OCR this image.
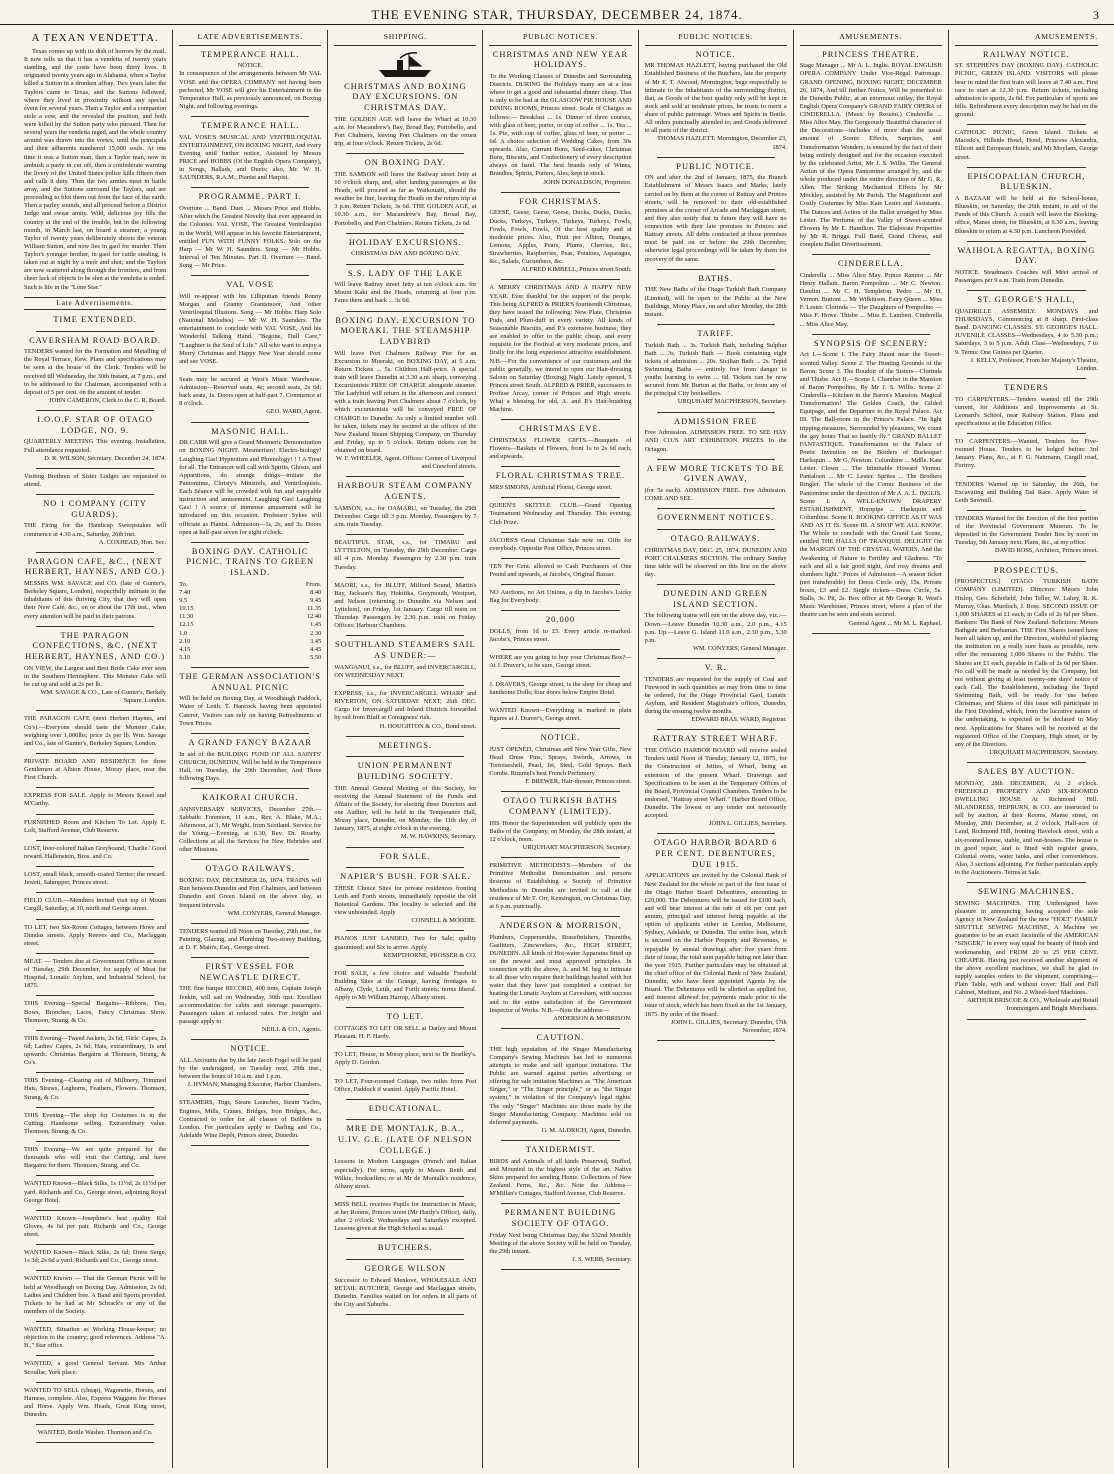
THE EVENING STAR, THURSDAY, DECEMBER 24, 1874.	3
A TEXAN VENDETTA.

Texas comes up with its dish of horrors by the mail. It now tells us that it has a vendetta of twenty years standing, and the costs have been thirty lives. It originated twenty years ago in Alabama, when a Taylor killed a Sutton in a drunken affray. Two years later the Taylors came to Texas, and the Suttons followed, where they lived in proximity without any special event for several years. Then a Taylor and a companion stole a cow, and the revealed the position, and both were killed by the Sutton party who pursued. Then for several years the vendetta raged, and the whole country around was drawn into the vortex, until the principals and their adherents numbered 15,000 souls. At one time it was a Sutton man, then a Taylor man, now in ambush a party in cut off, then a confederate warning the livery of the United States police kills fifteen men and calls it duty. Then the two armies meet in battle array, and the Suttons surround the Taylors, and are proceeding to blot them out from the face of the earth. Then a parley sounds, and all proceed before a District Judge and swear amity. Wild, delicious joy fills the country at the end of the trouble, but in the following month, in March last, on board a steamer, a young Taylor of twenty years deliberately shoots the veteran William Sutton, and now lies in gaol for murder. Then Taylor's younger brother, in gaol for cattle stealing, is taken out at night by a mob and shot; and the Taylors are now scattered along through the frontiers, and from sheer lack of objects to be shot at the vendetta is ended. Such is life in the "Lone Star."

Late Advertisements.
TIME EXTENDED.
CAVERSHAM ROAD BOARD.
TENDERS wanted for the Formation and Metalling of the Royal Terrace, Kew. Plans and specifications may be seen at the house of the Clerk. Tenders will be received till Wednesday, the 30th instant, at 7 p.m., and to be addressed to the Chairman, accompanied with a deposit of 5 per cent. on the amount of tender.
JOHN CAMERON, Clerk to the C. R. Board.
I.O.O.F. STAR OF OTAGO LODGE, NO. 9.
QUARTERLY MEETING This evening. Installation. Full attendance requested.
D. R. WILSON, Secretary. December 24, 1874.
Visiting Brethren of Sister Lodges are requested to attend.
NO 1 COMPANY (CITY GUARDS).
THE Firing for the Handicap Sweepstakes will commence at 4.30 a.m., Saturday, 26th inst.
A. COXHEAD, Hon. Sec.
PARAGON CAFE, &C., (NEXT HERBERT, HAYNES, AND CO.)
MESSRS WM. SAVAGE and CO. (late of Gunter's, Berkeley Square, London), respectfully intimate to the inhabitants of this thriving City, that they will open their New Café, &c., on or about the 17th inst., when every attention will be paid to their patrons.
THE PARAGON CONFECTIONS, &C. (NEXT HERBERT, HAYNES, AND CO.)
ON VIEW, the Largest and Best Bride Cake ever seen in the Southern Hemisphere. This Monster Cake will be cut up and sold at 2s per lb.
WM. SAVAGE & CO., Late of Gunter's, Berkely Square, London.
THE PARAGON CAFE (next Herbert Haynes, and Co's).—Everyone should taste the Monster Cake, weighing over 1,000lbs; price 2s per lb. Wm. Savage and Co., late of Gunter's, Berkeley Square, London.
PRIVATE BOARD AND RESIDENCE for three Gentlemen at Albion House, Moray place, near the First Church.
EXPRESS FOR SALE. Apply to Messrs Kessel and M'Carthy.
FURNISHED Room and Kitchen To Let. Apply E. Loft, Stafford Avenue, Club Reserve.
LOST, liver-colored Italian Greyhound, 'Charlie.' Good reward. Hallenstein, Bros. and Co.
LOST, small black, smooth-coated Terrier; the reward. Jewett, Sahmpper, Princes street.
FIELD CLUB.—Members invited visit top of Mount Cargill, Saturday, at 10, north end George street.
TO LET, two Six-Room Cottages, between Howe and Dundas streets. Apply Reeves and Co., Maclaggan street.
MEAT. — Tenders due at Government Offices at noon of Tuesday, 29th December, for supply of Meat for Hospital, Lunatic Asylum, and Industrial School, for 1875.
THIS Evening—Special Bargains—Ribbons, Ties, Bows, Brooches, Laces, Fancy Christmas Show. Thomson, Strang, & Co.
THIS Evening—Tweed Jackets, 2s 6d; Girls' Capes, 2s 6d; Ladies' Capes, 2s 6d; Hats, extraordinary, 1s and upwards. Christmas Bargains at Thomson, Strang, & Co's.
THIS Evening—Clearing out of Millinery, Trimmed Hats, Straws, Leghorns, Feathers, Flowers. Thomson, Strang, & Co.
THIS Evening—The shop for Costumes is in the Cutting. Handsome selling. Extraordinary value. Thomson, Strang, & Co.
THIS Evening—We are quite prepared for the thousands who will visit the Cutting, and have Bargains for them. Thomson, Strang, and Co.
WANTED Known—Black Silks, 1s 11½d, 2s 11½d per yard. Richards and Co., George street, adjoining Royal George Hotel.
WANTED Known—Josephine's best quality Kid Gloves, 4s 6d per pair. Richards and Co., George street.
WANTED Known—Black Silks, 2s 6d; Dress Serge, 1s 3d; 2s 6d a yard. Richards and Co., George street.
WANTED Known — That the German Picnic will be held at Woodhaugh on Boxing Day. Admission, 2s 6d; Ladies and Children free. A Band and Sports provided. Tickets to be had at Mr Schrack's or any of the members of the Society.
WANTED, Situation as Working House-keeper; no objection to the country; good references. Address "A. B.," Star office.
WANTED, a good General Servant. Mrs Arthur Scoullar, York place.
WANTED TO SELL (cheap), Wagonette, Horses, and Harness, complete. Also, Express Waggons for Horses and Horse. Apply Wm. Heads, Great King street, Dunedin.
WANTED, Bottle Washer. Thomson and Co.
LATE ADVERTISEMENTS.
TEMPERANCE HALL.
NOTICE.
In consequence of the arrangements between Mr VAL VOSE and the OPERA COMPANY not having been perfected, Mr VOSE will give his Entertainment in the Temperance Hall, as previously announced, on Boxing Night, and following evenings.
TEMPERANCE HALL.
VAL VOSE'S MUSICAL AND VENTRILOQUIAL ENTERTAINMENT, ON BOXING NIGHT, And every Evening until further notice, Assisted by Messrs PRICE and HOBBS (Of the English Opera Company), in Songs, Ballads, and Duets; also, Mr. W. H. SAUNDERS, R.A.M., Pianist and Harpist.
PROGRAMME. PART I.
Overture ... Band. Duet ... Messrs Price and Hobbs. After which the Greatest Novelty that ever appeared in the Colonies. VAL VOSE, The Greatest Ventriloquist in the World, Will appear in his favorite Entertainment, entitled FUN WITH FUNNY FOLKS. Solo on the Harp — Mr W. H. Saunders. Song — Mr Hobbs. Interval of Ten Minutes. Part II. Overture — Band. Song — Mr Price.
VAL VOSE
Will re-appear with his Lilliputian friends Ronny Morgan and Granny Grantsmoor, And other Ventriloquial Illusions. Song — Mr Hobbs. Harp Solo (National Melodies) — Mr W. H. Saunders. The entertainment to conclude with VAL VOSE, And his Wonderful Talking Hand. "Begone, Dull Care," "Laughter is the Soul of Life." All who want to enjoy a Merry Christmas and Happy New Year should come and see VOSE.
Seats may be secured at West's Music Warehouse. Admission—Reserved seats, 4s; second seats, 2s 6d; back seats, 1s. Doors open at half-past 7. Commence at 8 o'clock.
GEO. WARD, Agent.
MASONIC HALL.
DR CARR Will give a Grand Mesmeric Demonstration on BOXING NIGHT. Mesmerism! Electro-biology! Laughing Gas! Hypnotism and Phrenology! ! ! A Treat for all. The Entrancer will call with Spirits, Ghosts, and Apparitions, do strange things—imitate the Pantomime, Christy's Minstrels, and Ventriloquists. Each Séance will be crowded with fun and enjoyable instruction and amusement. Laughing Gas! Laughing Gas! ! A source of immense amusement will be introduced on this occasion. Professor Sykes will officiate as Pianist. Admission—1s, 2s, and 3s. Doors open at half-past seven for eight o'clock.
BOXING DAY. CATHOLIC PICNIC. TRAINS TO GREEN ISLAND.
To.	From.
7.40	8.40
9.5	9.45
10.15	11.35
11.30	12.40
12.15	1.45
1.0	2.30
2.10	3.45
4.15	4.45
5.10	5.50
THE GERMAN ASSOCIATION'S ANNUAL PICNIC
Will be held on Boxing Day, at Woodhaugh Paddock, Water of Leith. T. Hancock having been appointed Caterer, Visitors can rely on having Refreshments at Town Prices.
A GRAND FANCY BAZAAR
In aid of the BUILDING FUND OF ALL SAINTS' CHURCH, DUNEDIN, Will be held in the Temperance Hall, on Tuesday, the 29th December, And Three following Days.
KAIKORAI CHURCH.
ANNIVERSARY SERVICES, December 27th.—Sabbath: Forenoon, 11 a.m., Rev. A. Blake, M.A.; Afternoon, at 3, Mr Wright, from Scotland. Service for the Young.—Evening, at 6.30, Rev. Dr. Roseby. Collections at all the Services for New Hebrides and other Missions.
OTAGO RAILWAYS.
BOXING DAY, DECEMBER 26, 1874. TRAINS will Run between Dunedin and Port Chalmers, and between Dunedin and Green Island on the above day, at frequent intervals.
WM. CONYERS, General Manager.
TENDERS wanted till Noon on Tuesday, 29th inst., for Painting, Glazing, and Plumbing Two-storey Building, at D. F. Main's, Esq., George street.
FIRST VESSEL FOR NEWCASTLE DIRECT.
THE fine barque RECORD, 400 tons, Captain Joseph Jenkin, will sail on Wednesday, 30th inst. Excellent accommodation for cabin and steerage passengers. Passengers taken at reduced rates. For freight and passage apply to
NEILL & CO., Agents.
NOTICE.
ALL Accounts due by the late Jacob Fogel will be paid by the undersigned, on Tuesday next, 29th inst., between the hours of 10 a.m. and 1 p.m.
J. HYMAN, Managing Executor, Harbor Chambers.
STEAMERS, Tugs, Steam Launches, Steam Yachts, Engines, Mills, Cranes, Bridges, Iron Bridges, &c., Contracted to order for all classes of Builders in London. For particulars apply to Darling and Co., Adelaide Wine Depôt, Princes street, Dunedin.
SHIPPING.
CHRISTMAS AND BOXING DAY EXCURSIONS. ON CHRISTMAS DAY.
THE GOLDEN AGE will leave the Wharf at 10.30 a.m. for Macandrew's Bay, Broad Bay, Portobello, and Port Chalmers, leaving Port Chalmers on the return trip, at four o'clock. Return Tickets, 2s 6d.
ON BOXING DAY.
THE SAMSON will leave the Railway street Jetty at 10 o'clock sharp, and, after landing passengers at the Heads, will proceed as far as Waikouaiti, should the weather be fine, leaving the Heads on the return trip at 3 p.m. Return Tickets, 3s 6d. THE GOLDEN AGE, at 10.30 a.m., for Macandrew's Bay, Broad Bay, Portobello, and Port Chalmers. Return Tickets, 2s 6d.
HOLIDAY EXCURSIONS.
CHRISTMAS DAY AND BOXING DAY.
S.S. LADY OF THE LAKE
Will leave Rattray street Jetty at ten o'clock a.m. for Mount Kaki and the Heads, returning at four p.m. Fares there and back ... 3s 6d.
BOXING DAY. EXCURSION TO MOERAKI. THE STEAMSHIP LADYBIRD
Will leave Port Chalmers Railway Pier for an Excursion to Moeraki, on BOXING DAY, at 5 a.m. Return Tickets ... 5s. Children Half-price. A special train will leave Dunedin at 3.30 a.m. sharp, conveying Excursionists FREE OF CHARGE alongside steamer. The Ladybird will return in the afternoon and connect with a train leaving Port Chalmers about 7 o'clock, by which excursionists will be conveyed FREE OF CHARGE to Dunedin. As only a limited number will be taken, tickets may be secured at the offices of the New Zealand Steam Shipping Company, on Thursday and Friday, up to 5 o'clock. Return tickets can be obtained on board.
W. F. WHEELER, Agent. Offices: Corner of Liverpool and Crawford streets.
HARBOUR STEAM COMPANY AGENTS.
SAMSON, s.s., for OAMARU, on Tuesday, the 29th December. Cargo till 3 p.m. Monday. Passengers by 7 a.m. train Tuesday.
BEAUTIFUL STAR, s.s., for TIMARU and LYTTELTON, on Tuesday, the 29th December. Cargo till 4 p.m. Monday. Passengers by 2.30 p.m. train Tuesday.
MAORI, s.s., for BLUFF, Milford Sound, Martin's Bay, Jackson's Bay, Hokitika, Greymouth, Westport, and Nelson (returning to Dunedin via Nelson and Lyttelton), on Friday, 1st January. Cargo till noon on Thursday. Passengers by 2.30 p.m. train on Friday. Offices: Harbour Chambers.
SOUTHLAND STEAMERS SAIL AS UNDER:—
WANGANUI, s.s., for BLUFF, and INVERCARGILL, ON WEDNESDAY NEXT.
EXPRESS, s.s., for INVERCARGILL WHARF and RIVERTON, ON SATURDAY NEXT, 26th DEC. Cargo for Invercargill and Inland Districts forwarded by rail from Bluff at Consignees' risk.
H. HOUGHTON & CO., Bond street.
MEETINGS.
UNION PERMANENT BUILDING SOCIETY.
THE Annual General Meeting of this Society, for receiving the Annual Statement of the Funds and Affairs of the Society, for electing three Directors and one Auditor, will be held in the Temperance Hall, Moray place, Dunedin, on Monday, the 11th day of January, 1875, at eight o'clock in the evening.
M. W. HAWKINS, Secretary.
FOR SALE.
NAPIER'S BUSH. FOR SALE.
THESE Choice Sites for private residences fronting Leith and Forth streets, immediately opposite the old Botanical Gardens. The locality is selected and the view unbounded. Apply
CONNELL & MOODIE.
PIANOS JUST LANDED, Two for Sale; quality guaranteed; and Six to arrive. Apply
KEMPTHORNE, PROSSER & CO.
FOR SALE, a few choice and valuable Freehold Building Sites at the Grange, having frontages to Albany, Clyde, Leith, and Forth streets; terms liberal. Apply to Mr William Harrop, Albany street.
TO LET.
COTTAGES TO LET OR SELL at Darley and Mount Pleasant. H. F. Hardy.
TO LET, House, in Moray place, next to Dr Bradley's. Apply D. Gordon.
TO LET, Four-roomed Cottage, two miles from Post Office, Paddock if wanted. Apply Pacific Hotel.
EDUCATIONAL.
MRE DE MONTALK, B.A., U.IV. G.E. (LATE OF NELSON COLLEGE.)
Lessons in Modern Languages (French and Italian especially). For terms, apply to Messrs Reith and Wilkie, booksellers; or at Mr de Montalk's residence, Albany street.
MISS BELL receives Pupils for Instruction in Music, at her Rooms, Princes street (Mr Hardy's Office), daily, after 2 o'clock. Wednesdays and Saturdays excepted. Lessons given at the High School as usual.
BUTCHERS.
GEORGE WILSON
Successor to Edward Menlove, WHOLESALE AND RETAIL BUTCHER, George and Maclaggan streets, Dunedin. Families waited on for orders in all parts of the City and Suburbs.
PUBLIC NOTICES.
CHRISTMAS AND NEW YEAR HOLIDAYS.
To the Working Classes of Dunedin and Surrounding Districts. DURING the Holidays many are at a loss where to get a good and substantial dinner cheap. That is only to be had at the GLASGOW PIE HOUSE AND DINING ROOMS, Princes street. Scale of Charges as follows:— Breakfast ... 1s. Dinner of three courses, with glass of beer, porter, or cup of coffee ... 1s. Tea ... 1s. Pie, with cup of coffee, glass of beer, or porter ... 6d. A choice selection of Wedding Cakes, from 30s upwards. Also, Currant Buns, Seed-cakes, Christmas Buns, Biscuits, and Confectionery of every description always on hand. The best brands only of Wines, Brandies, Spirits, Porters, Ales, kept in stock.
JOHN DONALDSON, Proprietor.
FOR CHRISTMAS.
GEESE, Geese, Geese, Geese, Ducks, Ducks, Ducks, Ducks, Turkeys, Turkeys, Turkeys, Turkeys, Fowls, Fowls, Fowls, Fowls, Of the best quality and at moderate prices. Also, Fruit per Albion, Oranges, Lemons, Apples, Pears, Plums, Cherries, &c., Strawberries, Raspberries, Peas, Potatoes, Asparagus, &c., Salads, Cucumbers, &c.
ALFRED KIMBELL, Princes street South.
A MERRY CHRISTMAS AND A HAPPY NEW YEAR. Ever thankful for the support of the people. This being ALFRED & PRIER'S fourteenth Christmas, they have issued the following: New Plate, Christmas Puds, and Plum-duff in every variety. All kinds of Seasonable Biscuits, and P.'s extensive business, they are enabled to offer to the public cheap, and every requisite for the Festival at very moderate prices, and firstly for the long experience attractive establishment. N.B.—For the convenience of our customers and the public generally, we intend to open our Hair-dressing Saloon on Saturday (Boxing) Night. Lately opened, 5 Princes street South. ALFRED & PRIER, successors to Profuse Arcay, corner of Princes and High streets. What a blessing for old, A. and P.'s Hair-brushing Machine.
CHRISTMAS EVE.
CHRISTMAS FLOWER GIFTS.—Bouquets of Flowers—Baskets of Flowers, from 1s to 2s 6d each, and upwards.
FLORAL CHRISTMAS TREE.
MRS SIMONS, Artificial Florist, George street.
QUEEN'S SKITTLE CLUB.—Grand Opening Tournament Wednesday and Thursday. This evening, Club Prize.
JACOBS'S Great Christmas Sale now on. Gifts for everybody. Opposite Post Office, Princes street.
TEN Per Cent. allowed to Cash Purchasers of One Pound and upwards, at Jacobs's, Original Bazaar.
NO Auctions, no Art Unions, a dip in Jacobs's Lucky Bag for Everybody.
20,000
DOLLS, from 1d to £5. Every article re-marked. Jacobs's, Princes street.
WHERE are you going to buy your Christmas Box?—At J. Draver's, to be sure, George street.
J. DRAVER'S, George street, is the shop for cheap and handsome Dolls; four doors below Empire Hotel.
WANTED Known—Everything is marked in plain figures at J. Draver's, George street.
NOTICE.
JUST OPENED, Christmas and New Year Gifts, New Head Dress Pins, Sprays, Swords, Arrows, in Tortoiseshell, Pearl, Jet, Steel, Gold Sprays. Back Combs. Rimmel's best French Perfumery.
F. BREWER, Hair-dresser, Princes street.
OTAGO TURKISH BATHS COMPANY (LIMITED).
HIS Honor the Superintendent will publicly open the Baths of the Company, on Monday, the 28th instant, at 12 o'clock, noon.
URQUHART MACPHERSON, Secretary.
PRIMITIVE METHODISTS.—Members of the Primitive Methodist Denomination and persons desirous of Establishing a Society of Primitive Methodists in Dunedin are invited to call at the residence of Mr T. Orr, Kensington, on Christmas Day, at 6 p.m. punctually.
ANDERSON & MORRISON,
Plumbers, Coppersmiths, Brassfinishers, Tinsmiths, Gasfitters, Zincworkers, &c., HIGH STREET, DUNEDIN. All kinds of Hot-water Apparatus fitted up on the newest and most approved principles. In connection with the above, A. and M. beg to intimate to all those who require their buildings heated with hot water that they have just completed a contract for heating the Lunatic Asylum at Cavesham, with success and to the entire satisfaction of the Government Inspector of Works. N.B.—Note the address—
ANDERSON & MORRISON.
CAUTION.
THE high reputation of the Singer Manufacturing Company's Sewing Machines has led to numerous attempts to make and sell spurious imitations. The Public are warned against parties advertising or offering for sale imitation Machines as "The American Singer," or "The Singer principle," or as "the Singer system," in violation of the Company's legal rights. The only "Singer" Machines are those made by the Singer Manufacturing Company. Machines sold on deferred payments.
G. M. ALDRICH, Agent, Dunedin.
TAXIDERMIST.
BIRDS and Animals of all kinds Preserved, Stuffed, and Mounted in the highest style of the art. Native Skins prepared for sending Home. Collections of New Zealand Ferns, &c., &c. Note the Address— M'Millan's Cottages, Stafford Avenue, Club Reserve.
PERMANENT BUILDING SOCIETY OF OTAGO.
Friday Next being Christmas Day, the 532nd Monthly Meeting of the above Society will be held on Tuesday, the 29th instant.
J. S. WEBB, Secretary.
PUBLIC NOTICES.
NOTICE.
MR THOMAS HAZLETT, having purchased the Old Established Business of the Butchers, late the property of Mr E. T. Atwood, Mornington, begs respectfully to intimate to the inhabitants of the surrounding district, that, as Goods of the best quality only will be kept in stock and sold at moderate prices, he trusts to merit a share of public patronage. Wines and Spirits in Bottle. All orders punctually attended to; and Goods delivered to all parts of the district.
THOMAS HAZLETT. Mornington, December 23, 1874.
PUBLIC NOTICE.
ON and after the 2nd of January, 1875, the Branch Establishment of Messrs Isaacs and Marks, lately carried on by them at the corner of Rattray and Princes streets, will be removed to their old-established premises at the corner of Arcade and Maclaggan street; and they also notify that in future they will have no connection with their late premises in Princes and Rattray streets. All debts contracted at those premises must be paid on or before the 29th December, otherwise legal proceedings will be taken by them for recovery of the same.
BATHS.
THE New Baths of the Otago Turkish Bath Company (Limited), will be open to the Public at the New Buildings, Moray Place, on and after Monday, the 28th instant.
TARIFF.
Turkish Bath ... 3s. Turkish Bath, including Sulphur Bath ... 3s. Turkish Bath — Book containing eight tickets of admission ... 20s. Sicilian Bath ... 2s. Tepid Swimming Baths — entirely free from danger to youths learning to swim ... 6d. Tickets can be now secured from Mr Burton at the Baths, or from any of the principal City booksellers.
URQUHART MACPHERSON, Secretary.
ADMISSION FREE
Free Admission. ADMISSION FREE. TO SEE HAY AND CO.'S ART EXHIBITION PRIZES In the Octagon.
A FEW MORE TICKETS TO BE GIVEN AWAY,
(for 5s each). ADMISSION FREE. Free Admission. COME AND SEE.
GOVERNMENT NOTICES.
OTAGO RAILWAYS.
CHRISTMAS DAY, DEC. 25, 1874. DUNEDIN AND PORT CHALMERS SECTION. The ordinary Sunday time table will be observed on this line on the above day.
DUNEDIN AND GREEN ISLAND SECTION.
The following trains will run on the above day, viz.:— Down.—Leave Dunedin 10.30 a.m., 2.0 p.m., 4.15 p.m. Up.—Leave G. Island 11.0 a.m., 2.30 p.m., 5.30 p.m.
WM. CONYERS, General Manager.
V. R.
TENDERS are requested for the supply of Coal and Firewood in such quantities as may from time to time be ordered, for the Otago Provincial Gaol, Lunatic Asylum, and Resident Magistrate's offices, Dunedin, during the ensuing twelve months.
EDWARD BRAS. WARD, Registrar.
RATTRAY STREET WHARF.
THE OTAGO HARBOR BOARD will receive sealed Tenders until Noon of Tuesday, January 12, 1875, for the Construction of Jetties, of Wharf, being an extension of the present Wharf. Drawings and Specifications to be seen at the Temporary Offices of the Board, Provincial Council Chambers. Tenders to be endorsed, "Rattray street Wharf." Harbor Board Office, Dunedin. The lowest or any tender not necessarily accepted.
JOHN L. GILLIES, Secretary.
OTAGO HARBOR BOARD 6 PER CENT. DEBENTURES, DUE 1915.
APPLICATIONS are invited by the Colonial Bank of New Zealand for the whole or part of the first issue of the Otago Harbor Board Debentures, amounting to £20,000. The Debentures will be issued for £100 each, and will bear interest at the rate of six per cent per annum, principal and interest being payable at the option of applicants either in London, Melbourne, Sydney, Adelaide, or Dunedin. The entire loan, which is secured on the Harbor Property and Revenues, is repayable by annual drawings after five years from date of issue, the total sum payable being not later than the year 1915. Further particulars may be obtained at the chief office of the Colonial Bank of New Zealand, Dunedin, who have been appointed Agents by the Board. The Debentures will be allotted as applied for, and interest allowed for payments made prior to the issue of stock, which has been fixed as the 1st January, 1875. By order of the Board.
JOHN L. GILLIES, Secretary. Dunedin, 17th November, 1874.
AMUSEMENTS.
PRINCESS THEATRE.
Stage Manager ... Mr A. L. Inglis. ROYAL ENGLISH OPERA COMPANY Under Vice-Regal Patronage. GRAND OPENING, BOXING NIGHT, DECEMBER 26, 1874, And till further Notice, Will be presented to the Dunedin Public, at an enormous outlay, the Royal English Opera Company's GRAND FAIRY OPERA of CINDERELLA. (Music by Rossini.) Cinderella ... Miss Alice May. The Gorgeously Beautiful character of the Decorations—includes of more than the usual amount of Scenic Effects, Surprises, and Transformation Wonders, is ensured by the fact of their being entirely designed and for the occasion executed by the celebrated Artist, Mr J. S. Willis. The General Action of the Opera Pantomime arranged by, and the whole produced under the entire direction of Mr G. R. Allen. The Striking Mechanical Effects by Mr Mockley, assisted by Mr Parish. The Magnificent and Costly Costumes by Miss Kate Lester and Assistants. The Dances and Action of the Ballet arranged by Miss Lester. The Perfume of the Valley of Sweet-scented Flowers by Mr E. Hamilton. The Elaborate Properties by Mr R. Briggs. Full Band, Grand Chorus, and complete Ballet Divertissement.
CINDERELLA.
Cinderella ... Miss Alice May. Prince Ramiro ... Mr Henry Hallam. Baron Pompolino ... Mr C. Newton. Dandini ... Mr C. H. Templeton. Pedro ... Mr H. Vernon. Buttoni ... Mr Wilkinson. Fairy Queen ... Miss F. Lester. Clorinda — The Daughters of Pompolino — Miss F. Howe. Thisbe ... Miss E. Lambert. Cinderella ... Miss Alice May.
SYNOPSIS OF SCENERY:
Act I.—Scene I. The Fairy Haunt near the Sweet-scented Valley. Scene 2. The Hunting Grounds of the Baron. Scene 3. The Boudoir of the Sisters—Clorinda and Thisbe. Act II.—Scene I. Chamber in the Mansion of Baron Pompolino, By Mr J. S. Willis. Scene 2. Cinderella—Kitchen in the Baron's Mansion. Magical Transformation! The Golden Coach, the Gilded Equipage, and the Departure to the Royal Palace. Act III. The Ball-room in the Prince's Palace. "In light tripping measures, Surrounded by pleasures, We count the gay hours That so hastily fly." GRAND BALLET FANTASTIQUE. Transformation to the Palace of Poetic Invention on the Borders of Burlesque! Harlequin ... Mr G. Newton. Columbine ... Mdlle. Kate Lester. Clown ... The Inimitable Howard Vernon. Pantaloon ... Mr C. Lester. Sprites ... The Brothers Ringler. The whole of the Comic Business of the Pantomime under the direction of Mr A. A. L. INGLIS. Scene I. A WELL-KNOWN DRAPERY ESTABLISHMENT. Hornpipe ... Harlequin and Columbine. Scene II. BOOKING OFFICE AS IT WAS AND AS IT IS. Scene III. A SHOP WE ALL KNOW. The Whole to conclude with the Grand Last Scene, entitled THE HALLS OF TRANQUIL DELIGHT On the MARGIN OF THE CRYSTAL WATERS, And the Awakening of Nature to Fertility and Gladness. "To each and all a fair good night, And rosy dreams and slumbers light." Prices of Admission—A season ticket (not transferable) for Dress Circle only, 15s. Private boxes, £3 and £2. Single tickets—Dress Circle, 5s. Stalls, 3s. Pit, 2s. Box office at Mr George R. West's Music Warehouse, Princes street, where a plan of the theatre can be seen and seats secured.
General Agent ... Mr M. L. Raphael.
AMUSEMENTS.
RAILWAY NOTICE.
ST. STEPHEN'S DAY (BOXING DAY). CATHOLIC PICNIC, GREEN ISLAND. VISITORS will please bear in mind the first train will leave at 7.40 a.m. First race to start at 12.30 p.m. Return tickets, including admission to sports, 2s 6d. For particulars of sports see bills. Refreshment every description may be had on the ground.
CATHOLIC PICNIC, Green Island. Tickets at Macedo's, Hillside Hotel, Hotel, Princess Alexandra, Ellicott and European Hotels, and Mr Moylans, George street.
EPISCOPALIAN CHURCH, BLUESKIN.
A BAZAAR will be held at the School-house, Blueskin, on Saturday, the 26th instant, in aid of the Funds of this Church. A coach will leave the Booking-office, Manse street, for Blueskin, at 9.30 a.m., leaving Blueskin to return at 4.30 p.m. Luncheon Provided.
WAIHOLA REGATTA, BOXING DAY.
NOTICE. Steadman's Coaches will Meet arrival of Passengers per 9 a.m. Train from Dunedin.
ST. GEORGE'S HALL,
QUADRILLE ASSEMBLY. MONDAYS and THURSDAYS, Commencing at 8 sharp. First-class Band. DANCING CLASSES. ST. GEORGE'S HALL. JUVENILE CLASSES—Wednesdays, 4 to 5.30 p.m.; Saturdays, 3 to 5 p.m. Adult Class—Wednesdays, 7 to 9. Terms: One Guinea per Quarter.
J. KELLY, Professor, From her Majesty's Theatre, London.
TENDERS
TO CARPENTERS.—Tenders wanted till the 29th current, for Additions and Improvements at St. Leonard's School, near Railway Station. Plans and specifications at the Education Office.
TO CARPENTERS.—Wanted, Tenders for Five-roomed House. Tenders to be lodged before 3rd January. Plans, &c., at F. G. Nattmann, Cargill road, Fortroy.
TENDERS Wanted up to Saturday, the 26th, for Excavating and Building Tail Race. Apply Water of Leith Sawmill.
TENDERS Wanted for the Erection of the first portion of the Provincial Government Museum. To be deposited in the Government Tender Box by noon on Tuesday, 5th January next. Plans, &c., at my office.
DAVID ROSS, Architect, Princes street.
PROSPECTUS.
[PROSPECTUS.] OTAGO TURKISH BATH COMPANY (LIMITED). Directors: Messrs John Hislop, Geo. Schofield, John Teller, W. Lahey, R. K. Murray, Chas. Murdoch, J. Rose. SECOND ISSUE OF 1,000 SHARES at £1 each, in Calls of 2s 6d per Share. Bankers: The Bank of New Zealand. Solicitors: Messrs Bathgate and Brebaman. THE First Shares issued have been all taken up, and the Directors, wishful of placing the institution on a really sure basis as possible, now offer the remaining 1,000 Shares to the Public. The Shares are £1 each, payable in Calls of 2s 6d per Share. No call will be made as needed by the Company, but not without giving at least twenty-one days' notice of each Call. The Establishment, including the Tepid Swimming Bath, will be ready for use before Christmas, and Shares of this issue will participate in the First Dividend, which, from the lucrative nature of the undertaking, is expected to be declared in May next. Applications for Shares will be received at the registered Office of the Company, High street, or by any of the Directors.
URQUHART MACPHERSON, Secretary.
SALES BY AUCTION.
MONDAY, 28th DECEMBER, At 2 o'clock. FREEHOLD PROPERTY AND SIX-ROOMED DWELLING HOUSE At Richmond Hill. MLANDRESS, HEPBURN, & CO. are instructed to sell by auction, at their Rooms, Manse street, on Monday, 28th December, at 2 o'clock, Half-acre of Land, Richmond Hill, fronting Havelock street, with a six-roomed house, stable, and out-houses. The house is in good repair, and is fitted with register grates, Colonial ovens, water tanks, and other conveniences. Also, 3 sections adjoining. For further particulars apply to the Auctioneers. Terms at Sale.
SEWING MACHINES.
SEWING MACHINES. THE Undersigned have pleasure in announcing having accepted the sole Agency in New Zealand for the new "HOLT" FAMILY SHUTTLE SEWING MACHINE, A Machine we guarantee to be an exact facsimile of the AMERICAN "SINGER," In every way equal for beauty of finish and workmanship, and FROM 20 to 25 PER CENT. CHEAPER. Having just received another shipment of the above excellent machines, we shall be glad to supply samples orders to the shipment, comprising—Plain Table, with and without cover; Half and Full Cabinet, Medium, and No. 2 Wheel-feed Machines.
ARTHUR BRISCOE & CO., Wholesale and Retail Ironmongers and Bright Merchants.
